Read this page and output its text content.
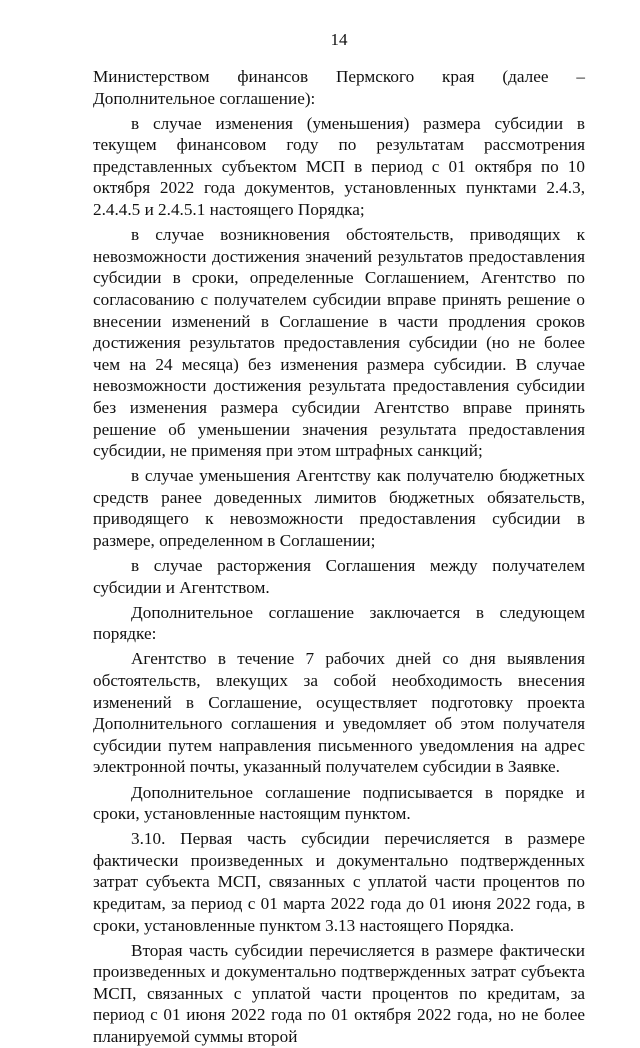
14

Министерством финансов Пермского края (далее – Дополнительное соглашение):

в случае изменения (уменьшения) размера субсидии в текущем финансовом году по результатам рассмотрения представленных субъектом МСП в период с 01 октября по 10 октября 2022 года документов, установленных пунктами 2.4.3, 2.4.4.5 и 2.4.5.1 настоящего Порядка;

в случае возникновения обстоятельств, приводящих к невозможности достижения значений результатов предоставления субсидии в сроки, определенные Соглашением, Агентство по согласованию с получателем субсидии вправе принять решение о внесении изменений в Соглашение в части продления сроков достижения результатов предоставления субсидии (но не более чем на 24 месяца) без изменения размера субсидии. В случае невозможности достижения результата предоставления субсидии без изменения размера субсидии Агентство вправе принять решение об уменьшении значения результата предоставления субсидии, не применяя при этом штрафных санкций;

в случае уменьшения Агентству как получателю бюджетных средств ранее доведенных лимитов бюджетных обязательств, приводящего к невозможности предоставления субсидии в размере, определенном в Соглашении;

в случае расторжения Соглашения между получателем субсидии и Агентством.

Дополнительное соглашение заключается в следующем порядке:

Агентство в течение 7 рабочих дней со дня выявления обстоятельств, влекущих за собой необходимость внесения изменений в Соглашение, осуществляет подготовку проекта Дополнительного соглашения и уведомляет об этом получателя субсидии путем направления письменного уведомления на адрес электронной почты, указанный получателем субсидии в Заявке.

Дополнительное соглашение подписывается в порядке и сроки, установленные настоящим пунктом.

3.10. Первая часть субсидии перечисляется в размере фактически произведенных и документально подтвержденных затрат субъекта МСП, связанных с уплатой части процентов по кредитам, за период с 01 марта 2022 года до 01 июня 2022 года, в сроки, установленные пунктом 3.13 настоящего Порядка.

Вторая часть субсидии перечисляется в размере фактически произведенных и документально подтвержденных затрат субъекта МСП, связанных с уплатой части процентов по кредитам, за период с 01 июня 2022 года по 01 октября 2022 года, но не более планируемой суммы второй
